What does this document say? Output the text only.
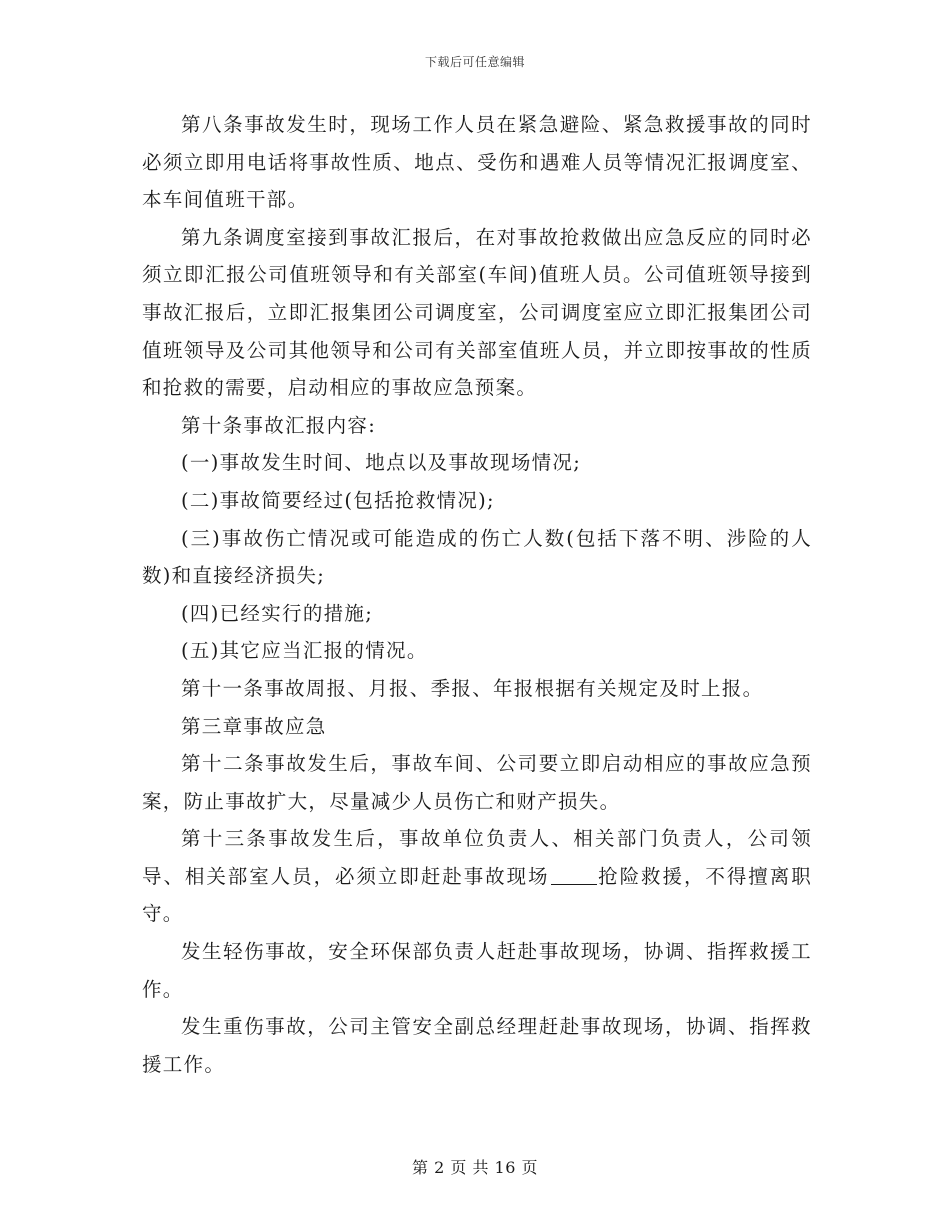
下载后可任意编辑

第八条事故发生时，现场工作人员在紧急避险、紧急救援事故的同时必须立即用电话将事故性质、地点、受伤和遇难人员等情况汇报调度室、本车间值班干部。

第九条调度室接到事故汇报后，在对事故抢救做出应急反应的同时必须立即汇报公司值班领导和有关部室(车间)值班人员。公司值班领导接到事故汇报后，立即汇报集团公司调度室，公司调度室应立即汇报集团公司值班领导及公司其他领导和公司有关部室值班人员，并立即按事故的性质和抢救的需要，启动相应的事故应急预案。

第十条事故汇报内容:

(一)事故发生时间、地点以及事故现场情况;

(二)事故简要经过(包括抢救情况);

(三)事故伤亡情况或可能造成的伤亡人数(包括下落不明、涉险的人数)和直接经济损失;

(四)已经实行的措施;

(五)其它应当汇报的情况。

第十一条事故周报、月报、季报、年报根据有关规定及时上报。

第三章事故应急

第十二条事故发生后，事故车间、公司要立即启动相应的事故应急预案，防止事故扩大，尽量减少人员伤亡和财产损失。

第十三条事故发生后，事故单位负责人、相关部门负责人，公司领导、相关部室人员，必须立即赶赴事故现场 抢险救援，不得擅离职守。

发生轻伤事故，安全环保部负责人赶赴事故现场，协调、指挥救援工作。

发生重伤事故，公司主管安全副总经理赶赴事故现场，协调、指挥救援工作。

第 2 页 共 16 页
